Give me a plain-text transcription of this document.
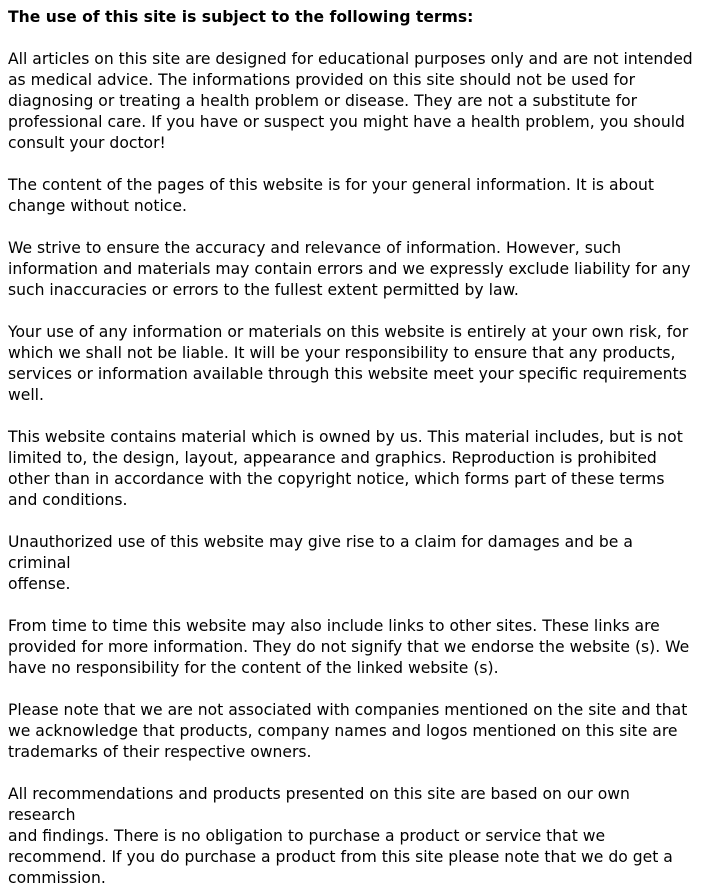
The use of this site is subject to the following terms:
All articles on this site are designed for educational purposes only and are not intended
as medical advice. The informations provided on this site should not be used for
diagnosing or treating a health problem or disease. They are not a substitute for
professional care. If you have or suspect you might have a health problem, you should
consult your doctor!
The content of the pages of this website is for your general information. It is about
change without notice.
We strive to ensure the accuracy and relevance of information. However, such
information and materials may contain errors and we expressly exclude liability for any
such inaccuracies or errors to the fullest extent permitted by law.
Your use of any information or materials on this website is entirely at your own risk, for
which we shall not be liable. It will be your responsibility to ensure that any products,
services or information available through this website meet your specific requirements
well.
This website contains material which is owned by us. This material includes, but is not
limited to, the design, layout, appearance and graphics. Reproduction is prohibited
other than in accordance with the copyright notice, which forms part of these terms
and conditions.
Unauthorized use of this website may give rise to a claim for damages and be a criminal
offense.
From time to time this website may also include links to other sites. These links are
provided for more information. They do not signify that we endorse the website (s). We
have no responsibility for the content of the linked website (s).
Please note that we are not associated with companies mentioned on the site and that
we acknowledge that products, company names and logos mentioned on this site are
trademarks of their respective owners.
All recommendations and products presented on this site are based on our own research
and findings. There is no obligation to purchase a product or service that we
recommend. If you do purchase a product from this site please note that we do get a
commission.
